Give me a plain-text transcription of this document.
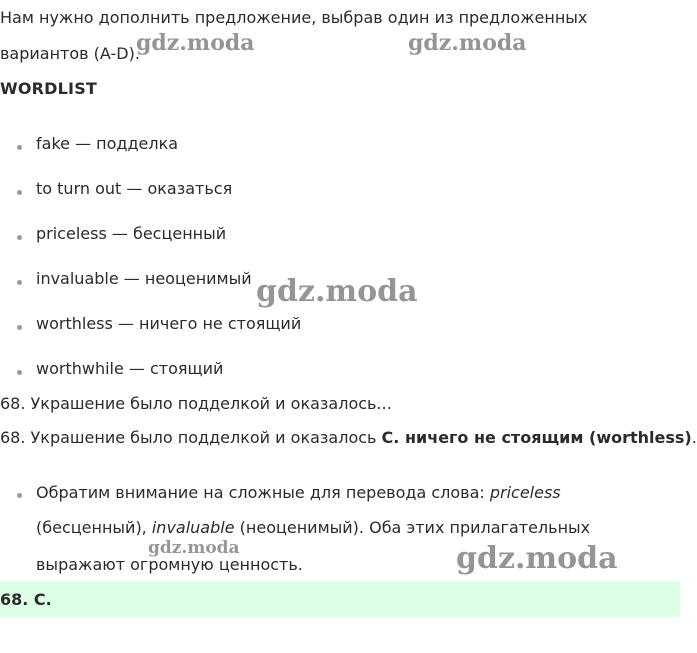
Нам нужно дополнить предложение, выбрав один из предложенных
вариантов (A-D).
WORDLIST
fake — подделка
to turn out — оказаться
priceless — бесценный
invaluable — неоценимый
worthless — ничего не стоящий
worthwhile — стоящий
68. Украшение было подделкой и оказалось...
68. Украшение было подделкой и оказалось C. ничего не стоящим (worthless).
Обратим внимание на сложные для перевода слова: priceless
(бесценный), invaluable (неоценимый). Оба этих прилагательных
выражают огромную ценность.
68. C.
gdz.moda	gdz.moda
gdz.moda
gdz.moda	gdz.moda
